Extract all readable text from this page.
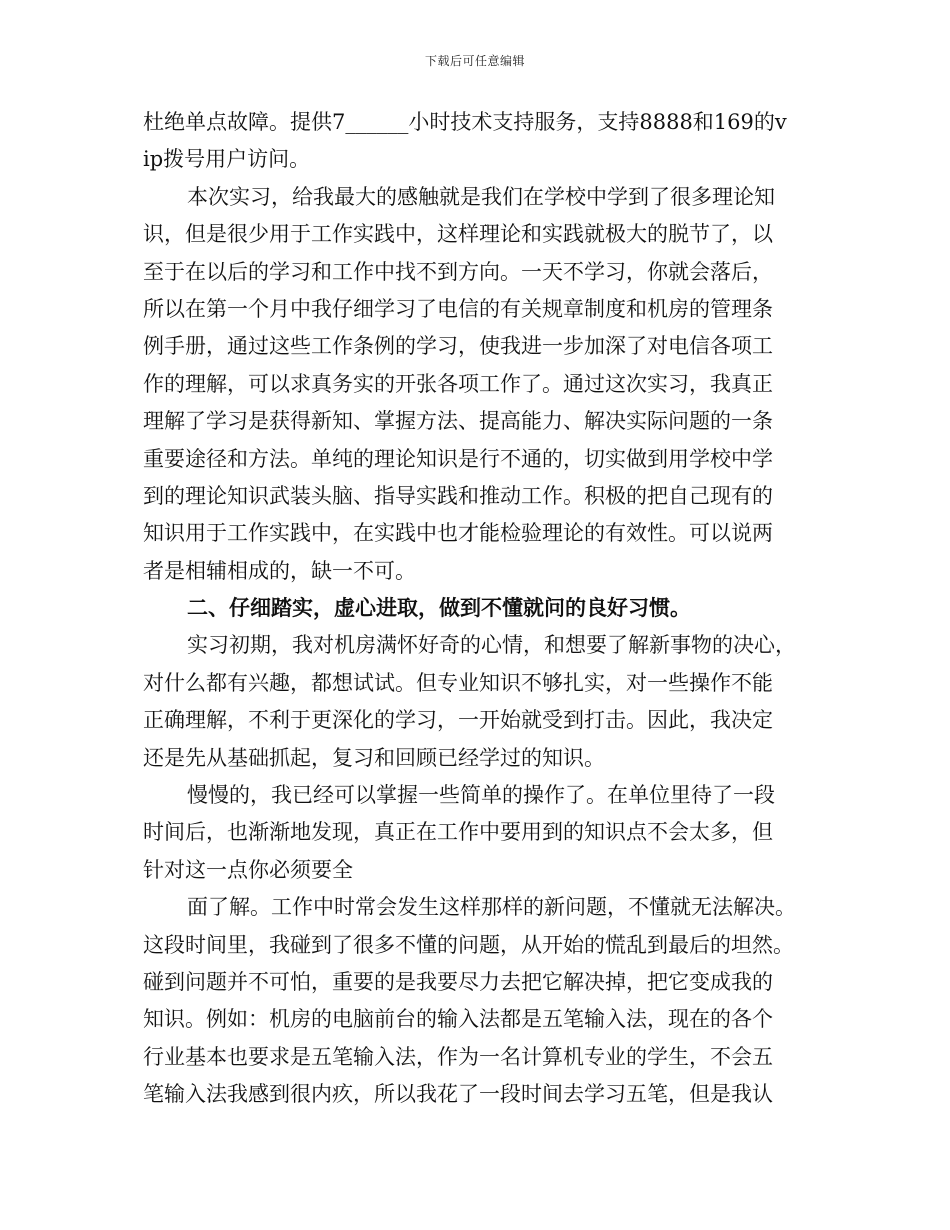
下载后可任意编辑
杜绝单点故障。提供7______小时技术支持服务，支持8888和169的v
ip拨号用户访问。
本次实习，给我最大的感触就是我们在学校中学到了很多理论知
识，但是很少用于工作实践中，这样理论和实践就极大的脱节了，以
至于在以后的学习和工作中找不到方向。一天不学习，你就会落后，
所以在第一个月中我仔细学习了电信的有关规章制度和机房的管理条
例手册，通过这些工作条例的学习，使我进一步加深了对电信各项工
作的理解，可以求真务实的开张各项工作了。通过这次实习，我真正
理解了学习是获得新知、掌握方法、提高能力、解决实际问题的一条
重要途径和方法。单纯的理论知识是行不通的，切实做到用学校中学
到的理论知识武装头脑、指导实践和推动工作。积极的把自己现有的
知识用于工作实践中，在实践中也才能检验理论的有效性。可以说两
者是相辅相成的，缺一不可。
二、仔细踏实，虚心进取，做到不懂就问的良好习惯。
实习初期，我对机房满怀好奇的心情，和想要了解新事物的决心，
对什么都有兴趣，都想试试。但专业知识不够扎实，对一些操作不能
正确理解，不利于更深化的学习，一开始就受到打击。因此，我决定
还是先从基础抓起，复习和回顾已经学过的知识。
慢慢的，我已经可以掌握一些简单的操作了。在单位里待了一段
时间后，也渐渐地发现，真正在工作中要用到的知识点不会太多，但
针对这一点你必须要全
面了解。工作中时常会发生这样那样的新问题，不懂就无法解决。
这段时间里，我碰到了很多不懂的问题，从开始的慌乱到最后的坦然。
碰到问题并不可怕，重要的是我要尽力去把它解决掉，把它变成我的
知识。例如：机房的电脑前台的输入法都是五笔输入法，现在的各个
行业基本也要求是五笔输入法，作为一名计算机专业的学生，不会五
笔输入法我感到很内疚，所以我花了一段时间去学习五笔，但是我认
